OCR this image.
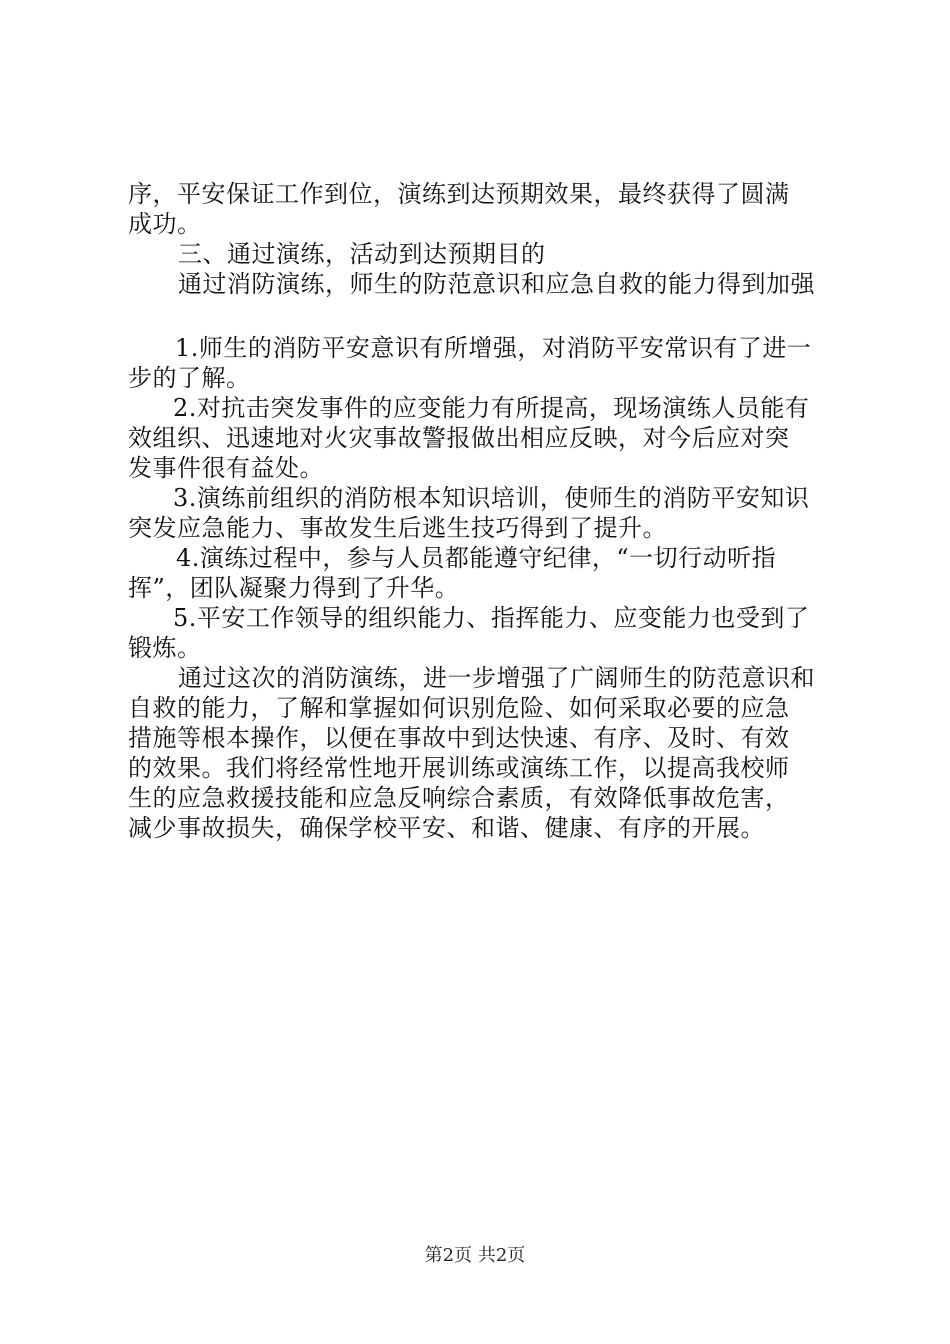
序，平安保证工作到位，演练到达预期效果，最终获得了圆满
成功。
三、通过演练，活动到达预期目的
通过消防演练，师生的防范意识和应急自救的能力得到加强
1.师生的消防平安意识有所增强，对消防平安常识有了进一
步的了解。
2.对抗击突发事件的应变能力有所提高，现场演练人员能有
效组织、迅速地对火灾事故警报做出相应反映，对今后应对突
发事件很有益处。
3.演练前组织的消防根本知识培训，使师生的消防平安知识
突发应急能力、事故发生后逃生技巧得到了提升。
4.演练过程中，参与人员都能遵守纪律，“一切行动听指
挥”，团队凝聚力得到了升华。
5.平安工作领导的组织能力、指挥能力、应变能力也受到了
锻炼。
通过这次的消防演练，进一步增强了广阔师生的防范意识和
自救的能力，了解和掌握如何识别危险、如何采取必要的应急
措施等根本操作，以便在事故中到达快速、有序、及时、有效
的效果。我们将经常性地开展训练或演练工作，以提高我校师
生的应急救援技能和应急反响综合素质，有效降低事故危害，
减少事故损失，确保学校平安、和谐、健康、有序的开展。
第2页 共2页
